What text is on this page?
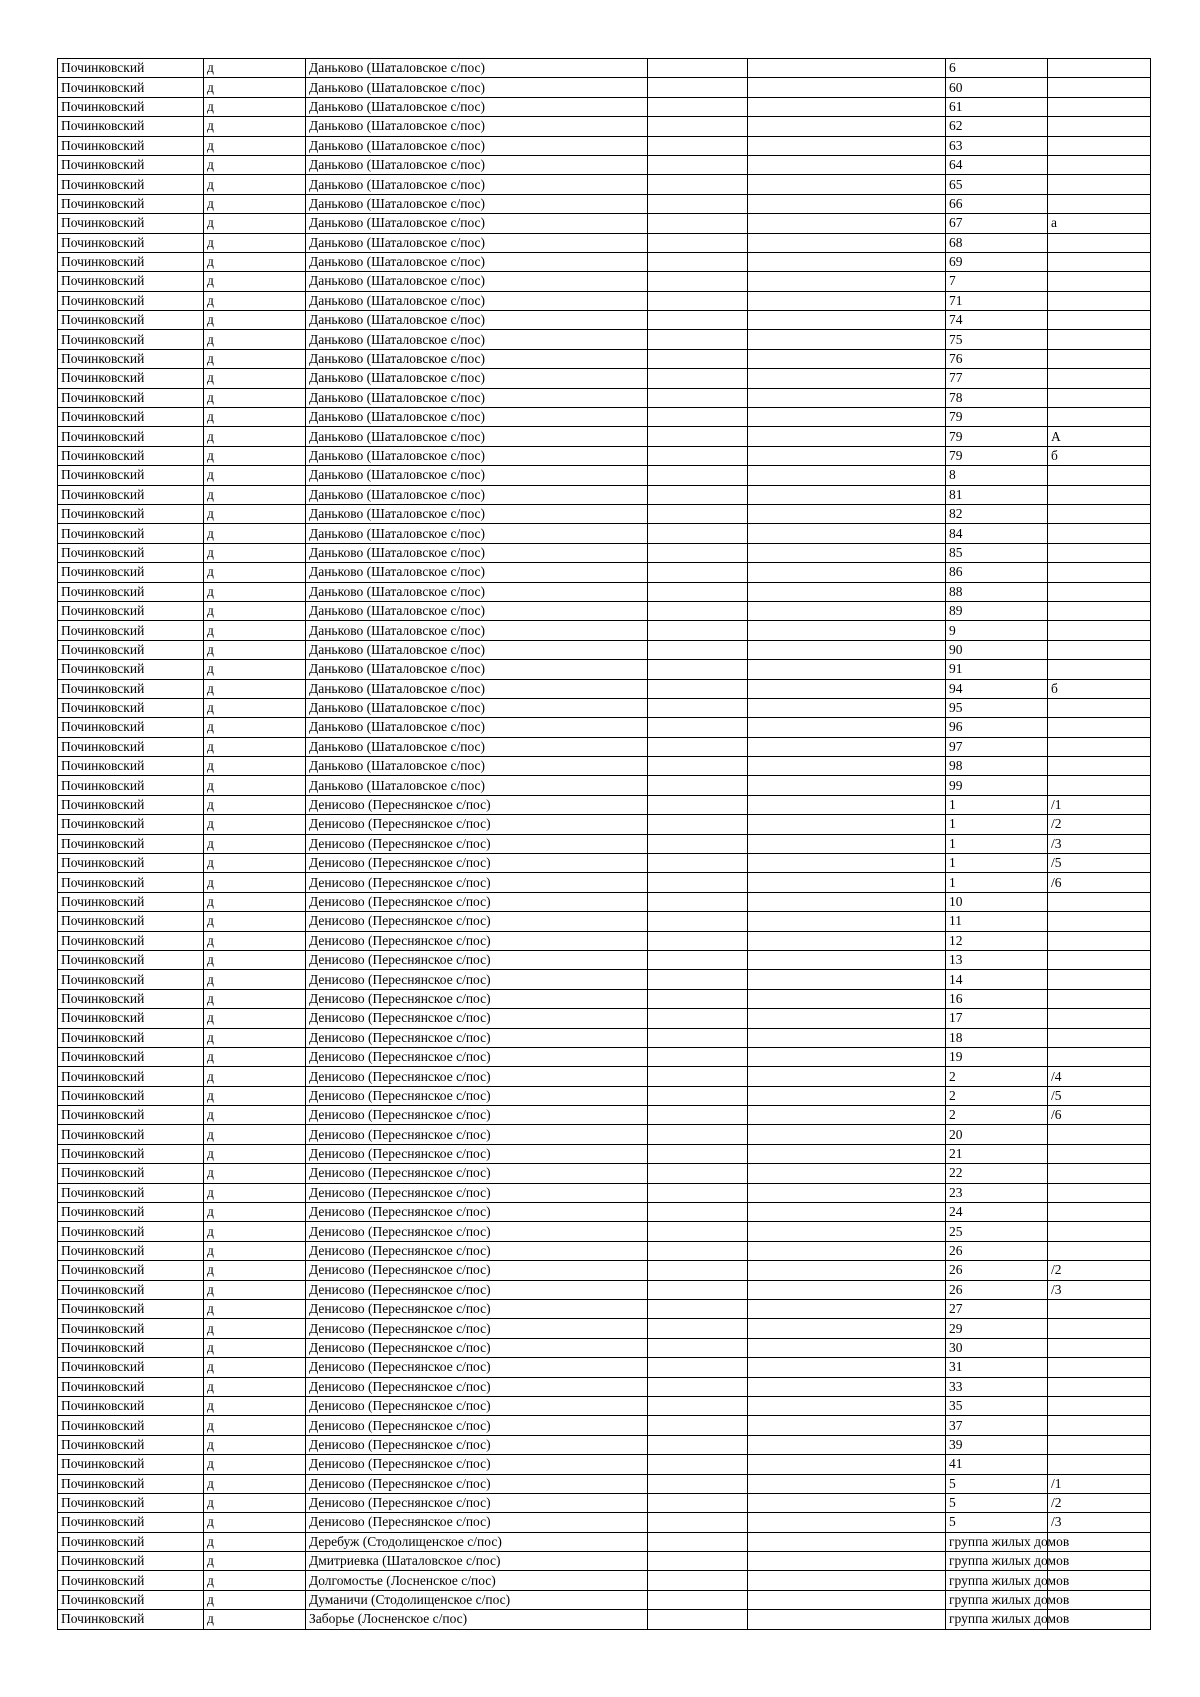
Починковский	д	Даньково (Шаталовское с/пос)			6	
Починковский	д	Даньково (Шаталовское с/пос)			60	
Починковский	д	Даньково (Шаталовское с/пос)			61	
Починковский	д	Даньково (Шаталовское с/пос)			62	
Починковский	д	Даньково (Шаталовское с/пос)			63	
Починковский	д	Даньково (Шаталовское с/пос)			64	
Починковский	д	Даньково (Шаталовское с/пос)			65	
Починковский	д	Даньково (Шаталовское с/пос)			66	
Починковский	д	Даньково (Шаталовское с/пос)			67	а
Починковский	д	Даньково (Шаталовское с/пос)			68	
Починковский	д	Даньково (Шаталовское с/пос)			69	
Починковский	д	Даньково (Шаталовское с/пос)			7	
Починковский	д	Даньково (Шаталовское с/пос)			71	
Починковский	д	Даньково (Шаталовское с/пос)			74	
Починковский	д	Даньково (Шаталовское с/пос)			75	
Починковский	д	Даньково (Шаталовское с/пос)			76	
Починковский	д	Даньково (Шаталовское с/пос)			77	
Починковский	д	Даньково (Шаталовское с/пос)			78	
Починковский	д	Даньково (Шаталовское с/пос)			79	
Починковский	д	Даньково (Шаталовское с/пос)			79	А
Починковский	д	Даньково (Шаталовское с/пос)			79	б
Починковский	д	Даньково (Шаталовское с/пос)			8	
Починковский	д	Даньково (Шаталовское с/пос)			81	
Починковский	д	Даньково (Шаталовское с/пос)			82	
Починковский	д	Даньково (Шаталовское с/пос)			84	
Починковский	д	Даньково (Шаталовское с/пос)			85	
Починковский	д	Даньково (Шаталовское с/пос)			86	
Починковский	д	Даньково (Шаталовское с/пос)			88	
Починковский	д	Даньково (Шаталовское с/пос)			89	
Починковский	д	Даньково (Шаталовское с/пос)			9	
Починковский	д	Даньково (Шаталовское с/пос)			90	
Починковский	д	Даньково (Шаталовское с/пос)			91	
Починковский	д	Даньково (Шаталовское с/пос)			94	б
Починковский	д	Даньково (Шаталовское с/пос)			95	
Починковский	д	Даньково (Шаталовское с/пос)			96	
Починковский	д	Даньково (Шаталовское с/пос)			97	
Починковский	д	Даньково (Шаталовское с/пос)			98	
Починковский	д	Даньково (Шаталовское с/пос)			99	
Починковский	д	Денисово (Переснянское с/пос)			1	/1
Починковский	д	Денисово (Переснянское с/пос)			1	/2
Починковский	д	Денисово (Переснянское с/пос)			1	/3
Починковский	д	Денисово (Переснянское с/пос)			1	/5
Починковский	д	Денисово (Переснянское с/пос)			1	/6
Починковский	д	Денисово (Переснянское с/пос)			10	
Починковский	д	Денисово (Переснянское с/пос)			11	
Починковский	д	Денисово (Переснянское с/пос)			12	
Починковский	д	Денисово (Переснянское с/пос)			13	
Починковский	д	Денисово (Переснянское с/пос)			14	
Починковский	д	Денисово (Переснянское с/пос)			16	
Починковский	д	Денисово (Переснянское с/пос)			17	
Починковский	д	Денисово (Переснянское с/пос)			18	
Починковский	д	Денисово (Переснянское с/пос)			19	
Починковский	д	Денисово (Переснянское с/пос)			2	/4
Починковский	д	Денисово (Переснянское с/пос)			2	/5
Починковский	д	Денисово (Переснянское с/пос)			2	/6
Починковский	д	Денисово (Переснянское с/пос)			20	
Починковский	д	Денисово (Переснянское с/пос)			21	
Починковский	д	Денисово (Переснянское с/пос)			22	
Починковский	д	Денисово (Переснянское с/пос)			23	
Починковский	д	Денисово (Переснянское с/пос)			24	
Починковский	д	Денисово (Переснянское с/пос)			25	
Починковский	д	Денисово (Переснянское с/пос)			26	
Починковский	д	Денисово (Переснянское с/пос)			26	/2
Починковский	д	Денисово (Переснянское с/пос)			26	/3
Починковский	д	Денисово (Переснянское с/пос)			27	
Починковский	д	Денисово (Переснянское с/пос)			29	
Починковский	д	Денисово (Переснянское с/пос)			30	
Починковский	д	Денисово (Переснянское с/пос)			31	
Починковский	д	Денисово (Переснянское с/пос)			33	
Починковский	д	Денисово (Переснянское с/пос)			35	
Починковский	д	Денисово (Переснянское с/пос)			37	
Починковский	д	Денисово (Переснянское с/пос)			39	
Починковский	д	Денисово (Переснянское с/пос)			41	
Починковский	д	Денисово (Переснянское с/пос)			5	/1
Починковский	д	Денисово (Переснянское с/пос)			5	/2
Починковский	д	Денисово (Переснянское с/пос)			5	/3
Починковский	д	Деребуж (Стодолищенское с/пос)			группа жилых домов	
Починковский	д	Дмитриевка (Шаталовское с/пос)			группа жилых домов	
Починковский	д	Долгомостье (Лосненское с/пос)			группа жилых домов	
Починковский	д	Думаничи (Стодолищенское с/пос)			группа жилых домов	
Починковский	д	Заборье (Лосненское с/пос)			группа жилых домов	
